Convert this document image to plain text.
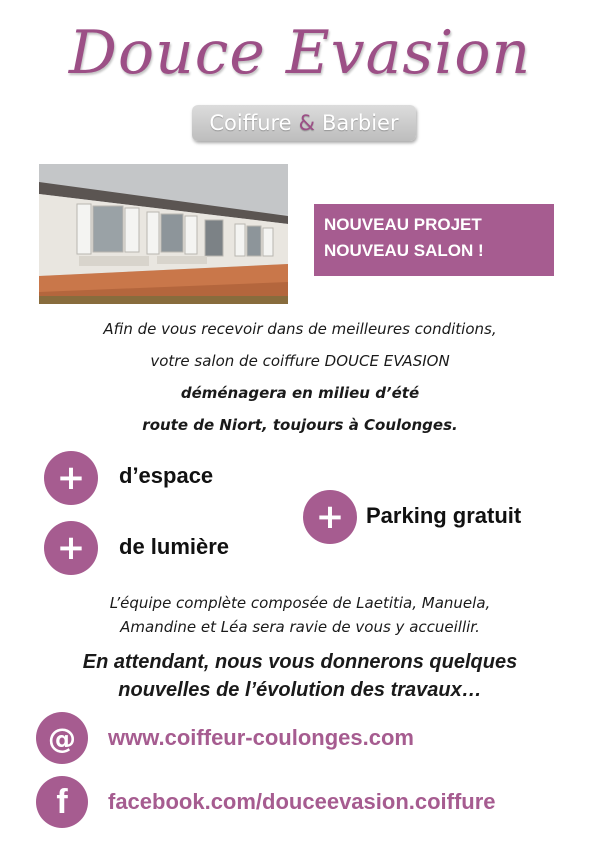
Douce Evasion
Coiffure & Barbier
NOUVEAU PROJET
NOUVEAU SALON !
Afin de vous recevoir dans de meilleures conditions,
votre salon de coiffure DOUCE EVASION
déménagera en milieu d’été
route de Niort, toujours à Coulonges.
+	d’espace
+ Parking gratuit
+	de lumière
L’équipe complète composée de Laetitia, Manuela,
Amandine et Léa sera ravie de vous y accueillir.
En attendant, nous vous donnerons quelques
nouvelles de l’évolution des travaux…
@	www.coiffeur-coulonges.com
f	facebook.com/douceevasion.coiffure
